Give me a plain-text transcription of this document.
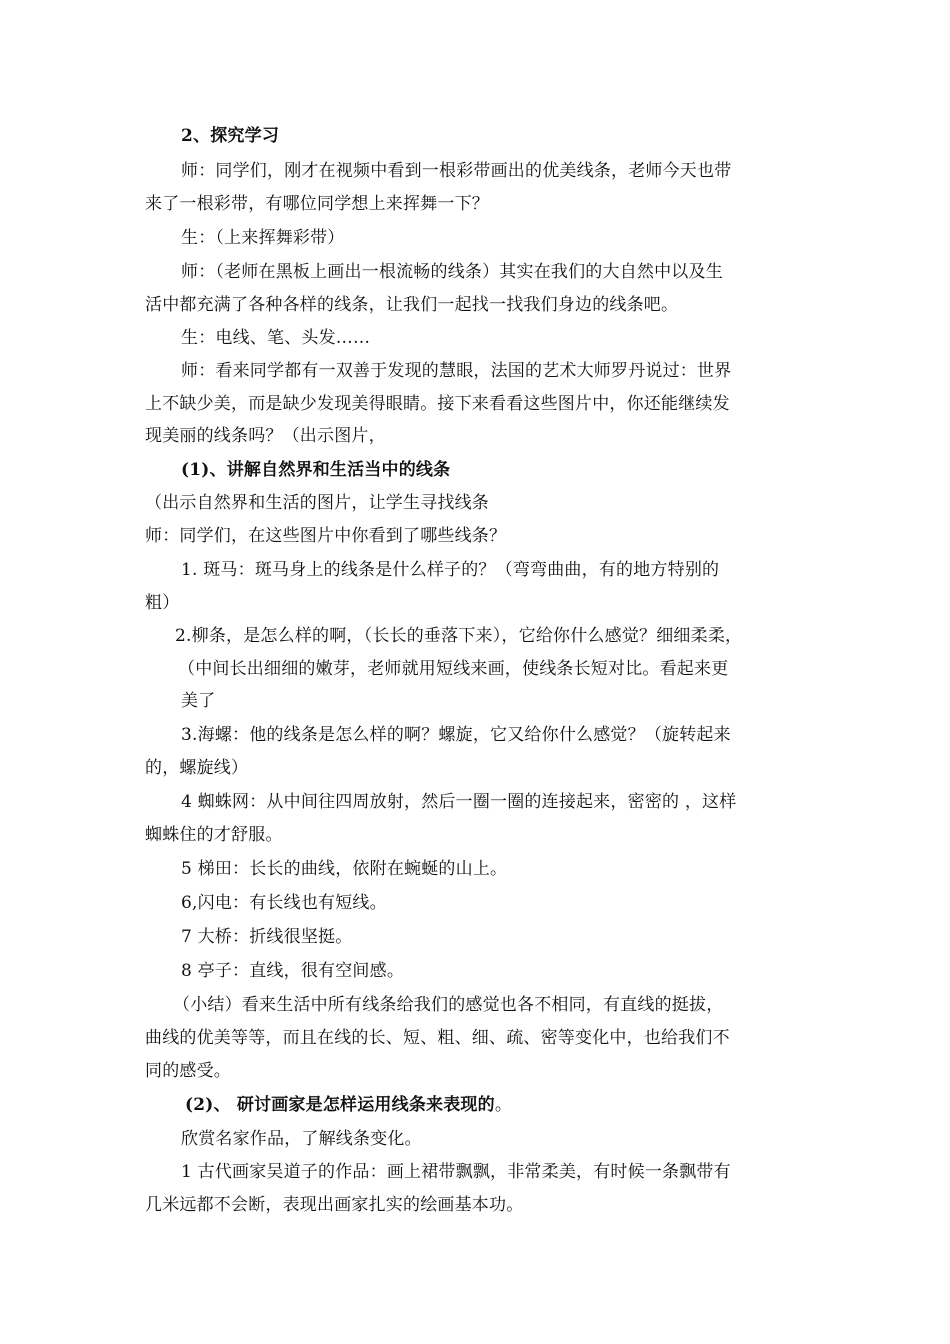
2、探究学习
师：同学们，刚才在视频中看到一根彩带画出的优美线条，老师今天也带
来了一根彩带，有哪位同学想上来挥舞一下？
生：（上来挥舞彩带）
师：（老师在黑板上画出一根流畅的线条）其实在我们的大自然中以及生
活中都充满了各种各样的线条，让我们一起找一找我们身边的线条吧。
生：电线、笔、头发……
师：看来同学都有一双善于发现的慧眼，法国的艺术大师罗丹说过：世界
上不缺少美，而是缺少发现美得眼睛。接下来看看这些图片中，你还能继续发
现美丽的线条吗？（出示图片，
(1)、讲解自然界和生活当中的线条
（出示自然界和生活的图片，让学生寻找线条
师：同学们，在这些图片中你看到了哪些线条？
1. 斑马：斑马身上的线条是什么样子的？（弯弯曲曲，有的地方特别的
粗）
2.柳条，是怎么样的啊，（长长的垂落下来），它给你什么感觉？细细柔柔，
（中间长出细细的嫩芽，老师就用短线来画，使线条长短对比。看起来更
美了
3.海螺：他的线条是怎么样的啊？螺旋，它又给你什么感觉？（旋转起来
的，螺旋线）
4 蜘蛛网：从中间往四周放射，然后一圈一圈的连接起来，密密的 ，这样
蜘蛛住的才舒服。
5 梯田：长长的曲线，依附在蜿蜒的山上。
6,闪电：有长线也有短线。
7 大桥：折线很坚挺。
8 亭子：直线，很有空间感。
（小结）看来生活中所有线条给我们的感觉也各不相同，有直线的挺拔，
曲线的优美等等，而且在线的长、短、粗、细、疏、密等变化中，也给我们不
同的感受。
(2)、 研讨画家是怎样运用线条来表现的。
欣赏名家作品，了解线条变化。
1 古代画家吴道子的作品：画上裙带飘飘，非常柔美，有时候一条飘带有
几米远都不会断，表现出画家扎实的绘画基本功。
